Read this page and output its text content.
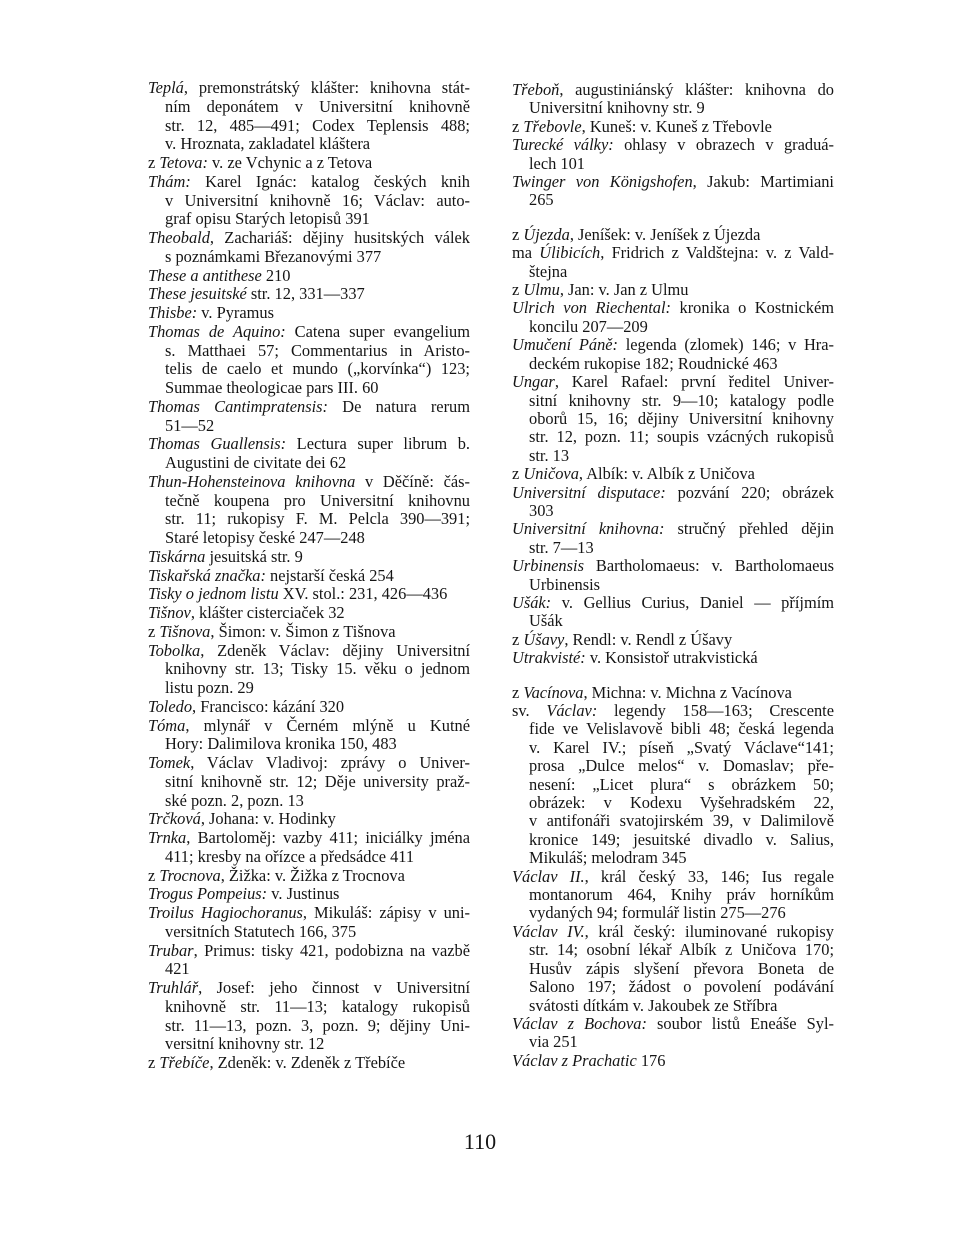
Teplá, premonstrátský klášter: knihovna stát-
ním deponátem v Universitní knihovně
str. 12, 485—491; Codex Teplensis 488;
v. Hroznata, zakladatel kláštera
z Tetova: v. ze Vchynic a z Tetova
Thám: Karel Ignác: katalog českých knih
v Universitní knihovně 16; Václav: auto-
graf opisu Starých letopisů 391
Theobald, Zachariáš: dějiny husitských válek
s poznámkami Březanovými 377
These a antithese 210
These jesuitské str. 12, 331—337
Thisbe: v. Pyramus
Thomas de Aquino: Catena super evangelium
s. Matthaei 57; Commentarius in Aristo-
telis de caelo et mundo („korvínka“) 123;
Summae theologicae pars III. 60
Thomas Cantimpratensis: De natura rerum
51—52
Thomas Guallensis: Lectura super librum b.
Augustini de civitate dei 62
Thun-Hohensteinova knihovna v Děčíně: čás-
tečně koupena pro Universitní knihovnu
str. 11; rukopisy F. M. Pelcla 390—391;
Staré letopisy české 247—248
Tiskárna jesuitská str. 9
Tiskařská značka: nejstarší česká 254
Tisky o jednom listu XV. stol.: 231, 426—436
Tišnov, klášter cisterciaček 32
z Tišnova, Šimon: v. Šimon z Tišnova
Tobolka, Zdeněk Václav: dějiny Universitní
knihovny str. 13; Tisky 15. věku o jednom
listu pozn. 29
Toledo, Francisco: kázání 320
Tóma, mlynář v Černém mlýně u Kutné
Hory: Dalimilova kronika 150, 483
Tomek, Václav Vladivoj: zprávy o Univer-
sitní knihovně str. 12; Děje university praž-
ské pozn. 2, pozn. 13
Trčková, Johana: v. Hodinky
Trnka, Bartoloměj: vazby 411; iniciálky jména
411; kresby na ořízce a předsádce 411
z Trocnova, Žižka: v. Žižka z Trocnova
Trogus Pompeius: v. Justinus
Troilus Hagiochoranus, Mikuláš: zápisy v uni-
versitních Statutech 166, 375
Trubar, Primus: tisky 421, podobizna na vazbě
421
Truhlář, Josef: jeho činnost v Universitní
knihovně str. 11—13; katalogy rukopisů
str. 11—13, pozn. 3, pozn. 9; dějiny Uni-
versitní knihovny str. 12
z Třebíče, Zdeněk: v. Zdeněk z Třebíče
Třeboň, augustiniánský klášter: knihovna do
Universitní knihovny str. 9
z Třebovle, Kuneš: v. Kuneš z Třebovle
Turecké války: ohlasy v obrazech v graduá-
lech 101
Twinger von Königshofen, Jakub: Martimiani
265
z Újezda, Jeníšek: v. Jeníšek z Újezda
ma Úlibicích, Fridrich z Valdštejna: v. z Vald-
štejna
z Ulmu, Jan: v. Jan z Ulmu
Ulrich von Riechental: kronika o Kostnickém
koncilu 207—209
Umučení Páně: legenda (zlomek) 146; v Hra-
deckém rukopise 182; Roudnické 463
Ungar, Karel Rafael: první ředitel Univer-
sitní knihovny str. 9—10; katalogy podle
oborů 15, 16; dějiny Universitní knihovny
str. 12, pozn. 11; soupis vzácných rukopisů
str. 13
z Uničova, Albík: v. Albík z Uničova
Universitní disputace: pozvání 220; obrázek
303
Universitní knihovna: stručný přehled dějin
str. 7—13
Urbinensis Bartholomaeus: v. Bartholomaeus
Urbinensis
Ušák: v. Gellius Curius, Daniel — příjmím
Ušák
z Úšavy, Rendl: v. Rendl z Úšavy
Utrakvisté: v. Konsistoř utrakvistická
z Vacínova, Michna: v. Michna z Vacínova
sv. Václav: legendy 158—163; Crescente
fide ve Velislavově bibli 48; česká legenda
v. Karel IV.; píseň „Svatý Václave“141;
prosa „Dulce melos“ v. Domaslav; pře-
nesení: „Licet plura“ s obrázkem 50;
obrázek: v Kodexu Vyšehradském 22,
v antifonáři svatojirském 39, v Dalimilově
kronice 149; jesuitské divadlo v. Salius,
Mikuláš; melodram 345
Václav II., král český 33, 146; Ius regale
montanorum 464, Knihy práv horníkům
vydaných 94; formulář listin 275—276
Václav IV., král český: iluminované rukopisy
str. 14; osobní lékař Albík z Uničova 170;
Husův zápis slyšení převora Boneta de
Salono 197; žádost o povolení podávání
svátosti dítkám v. Jakoubek ze Stříbra
Václav z Bochova: soubor listů Eneáše Syl-
via 251
Václav z Prachatic 176
110
